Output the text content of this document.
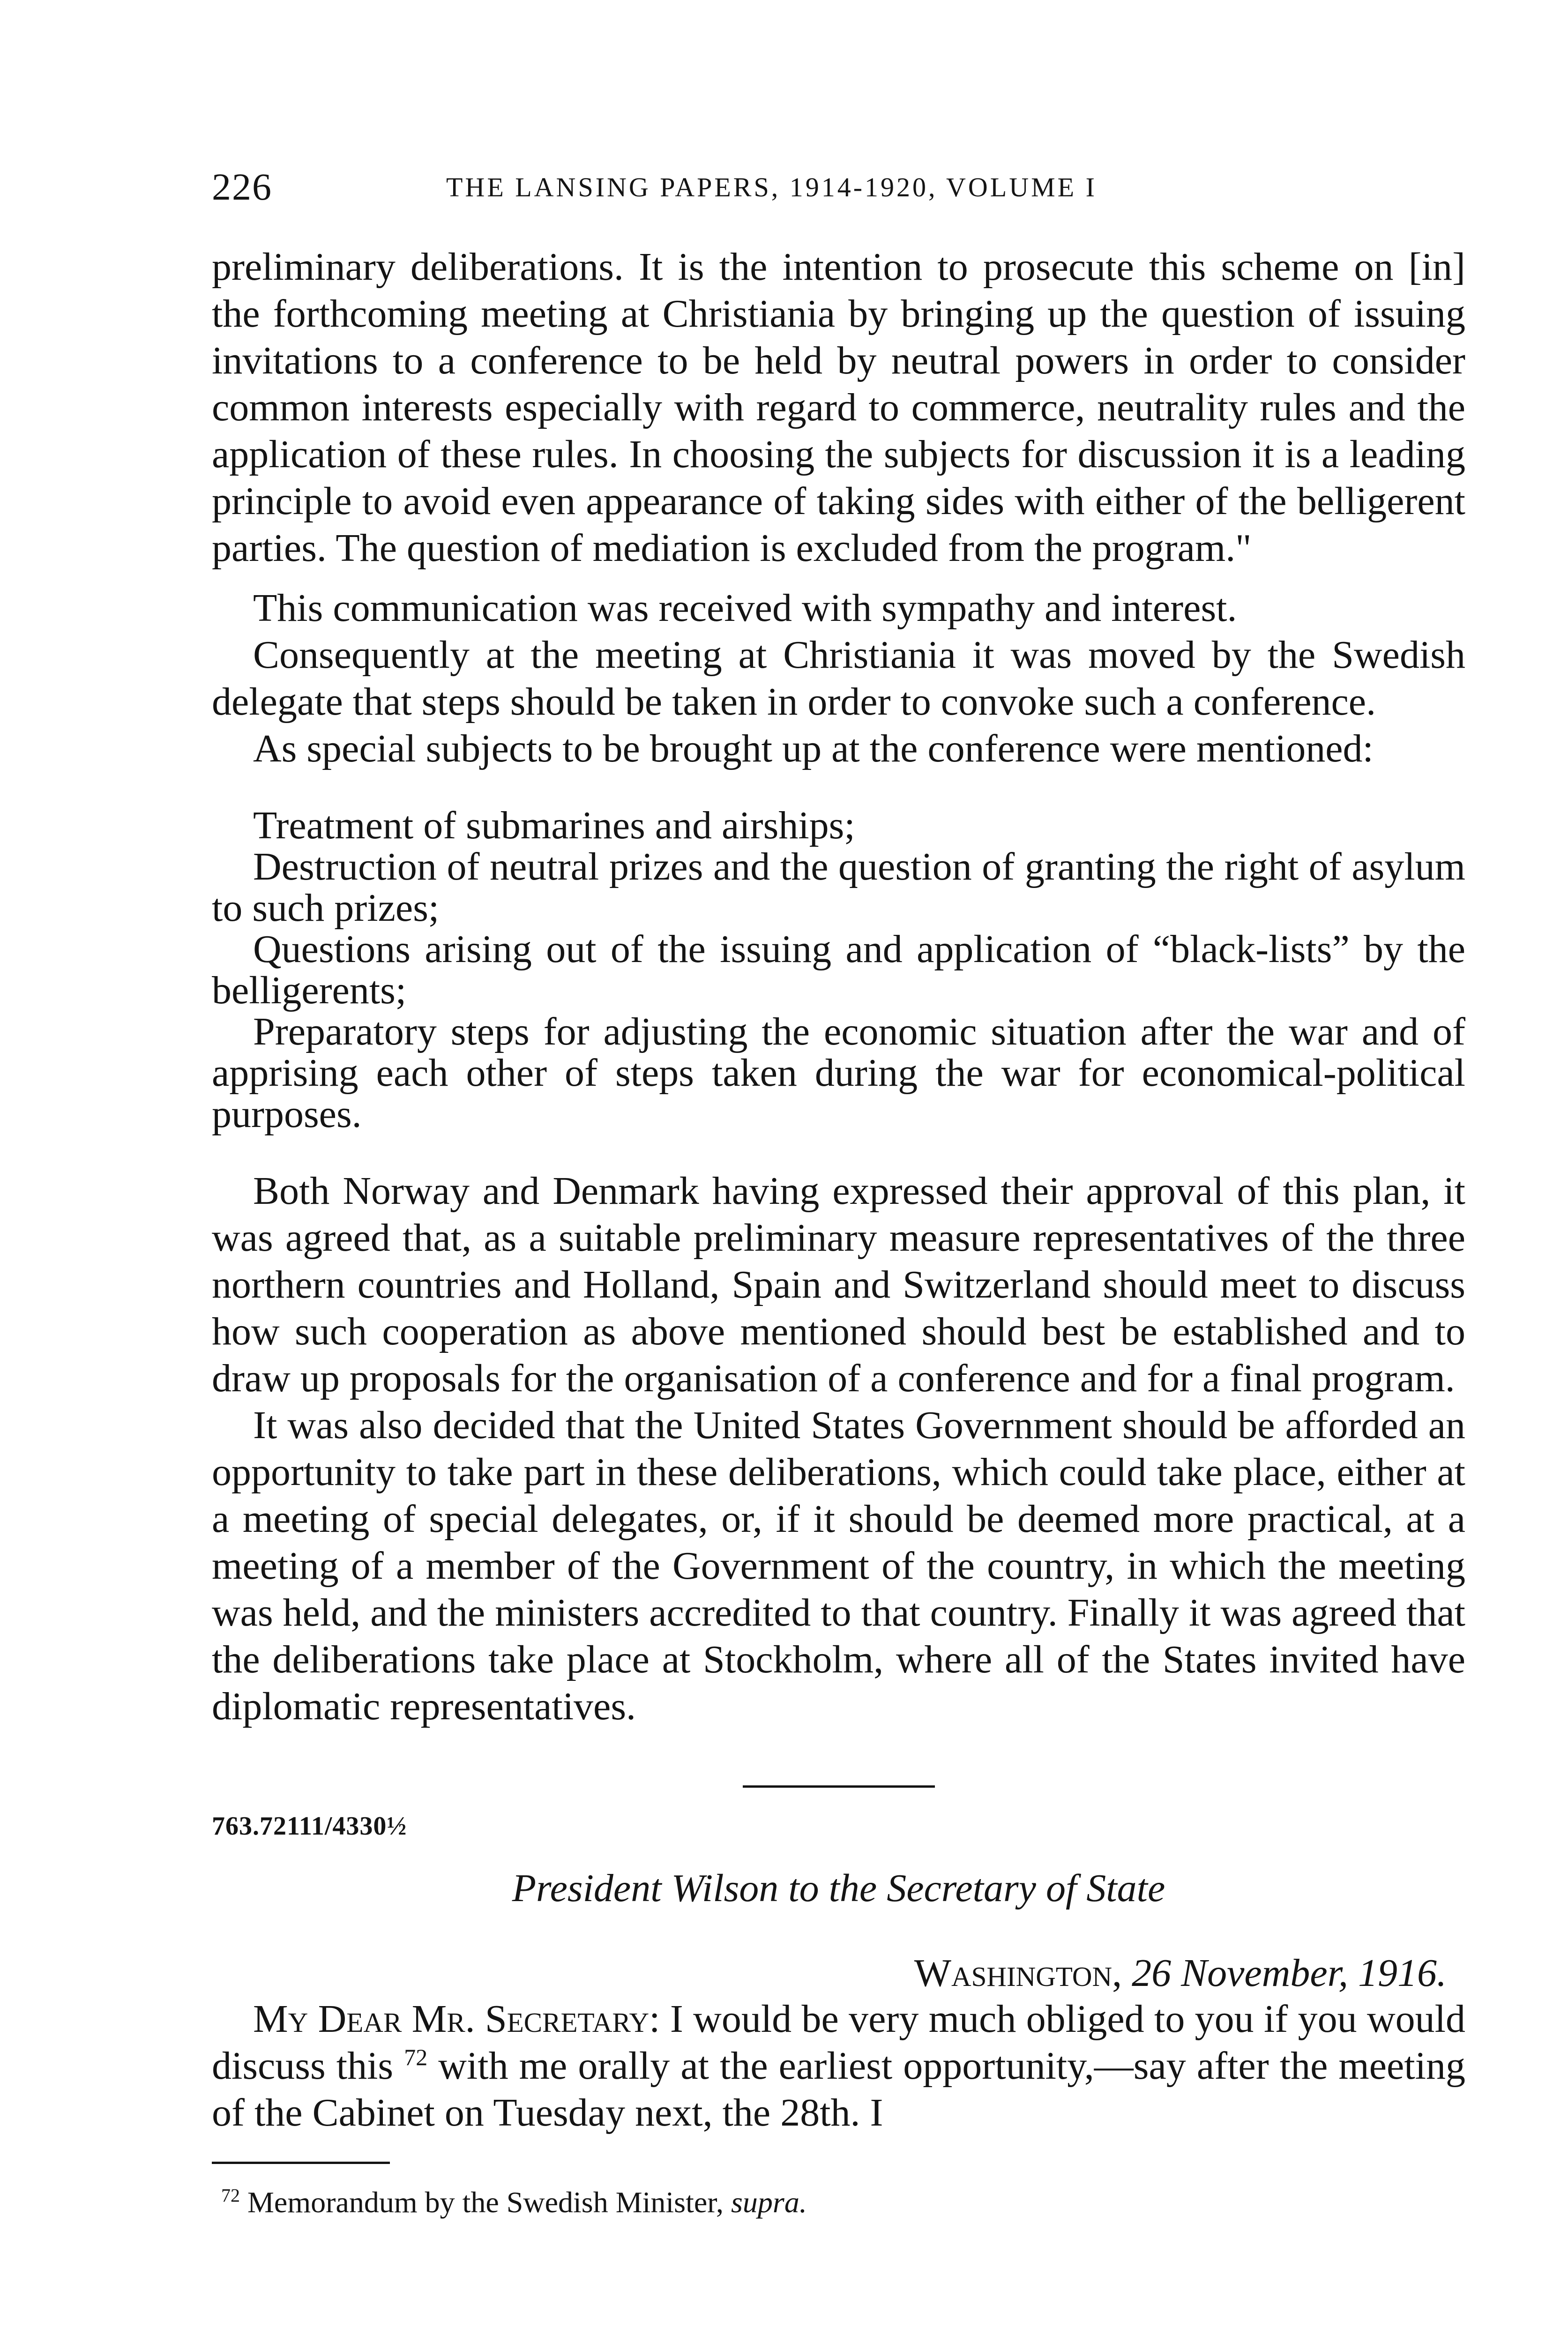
226	THE LANSING PAPERS, 1914-1920, VOLUME I

preliminary deliberations. It is the intention to prosecute this scheme on [in] the forthcoming meeting at Christiania by bringing up the question of issuing invitations to a conference to be held by neutral powers in order to consider common interests especially with regard to commerce, neutrality rules and the application of these rules. In choosing the subjects for discussion it is a leading principle to avoid even appearance of taking sides with either of the belligerent parties. The question of mediation is excluded from the program."

This communication was received with sympathy and interest.

Consequently at the meeting at Christiania it was moved by the Swedish delegate that steps should be taken in order to convoke such a conference.

As special subjects to be brought up at the conference were mentioned:

Treatment of submarines and airships;

Destruction of neutral prizes and the question of granting the right of asylum to such prizes;

Questions arising out of the issuing and application of “black-lists” by the belligerents;

Preparatory steps for adjusting the economic situation after the war and of apprising each other of steps taken during the war for economical-political purposes.

Both Norway and Denmark having expressed their approval of this plan, it was agreed that, as a suitable preliminary measure representatives of the three northern countries and Holland, Spain and Switzerland should meet to discuss how such cooperation as above mentioned should best be established and to draw up proposals for the organisation of a conference and for a final program.

It was also decided that the United States Government should be afforded an opportunity to take part in these deliberations, which could take place, either at a meeting of special delegates, or, if it should be deemed more practical, at a meeting of a member of the Government of the country, in which the meeting was held, and the ministers accredited to that country. Finally it was agreed that the deliberations take place at Stockholm, where all of the States invited have diplomatic representatives.

763.72111/4330½
President Wilson to the Secretary of State
Washington, 26 November, 1916.

My Dear Mr. Secretary: I would be very much obliged to you if you would discuss this $^{72}$ with me orally at the earliest opportunity,—say after the meeting of the Cabinet on Tuesday next, the 28th. I

$^{72}$ Memorandum by the Swedish Minister, supra.
